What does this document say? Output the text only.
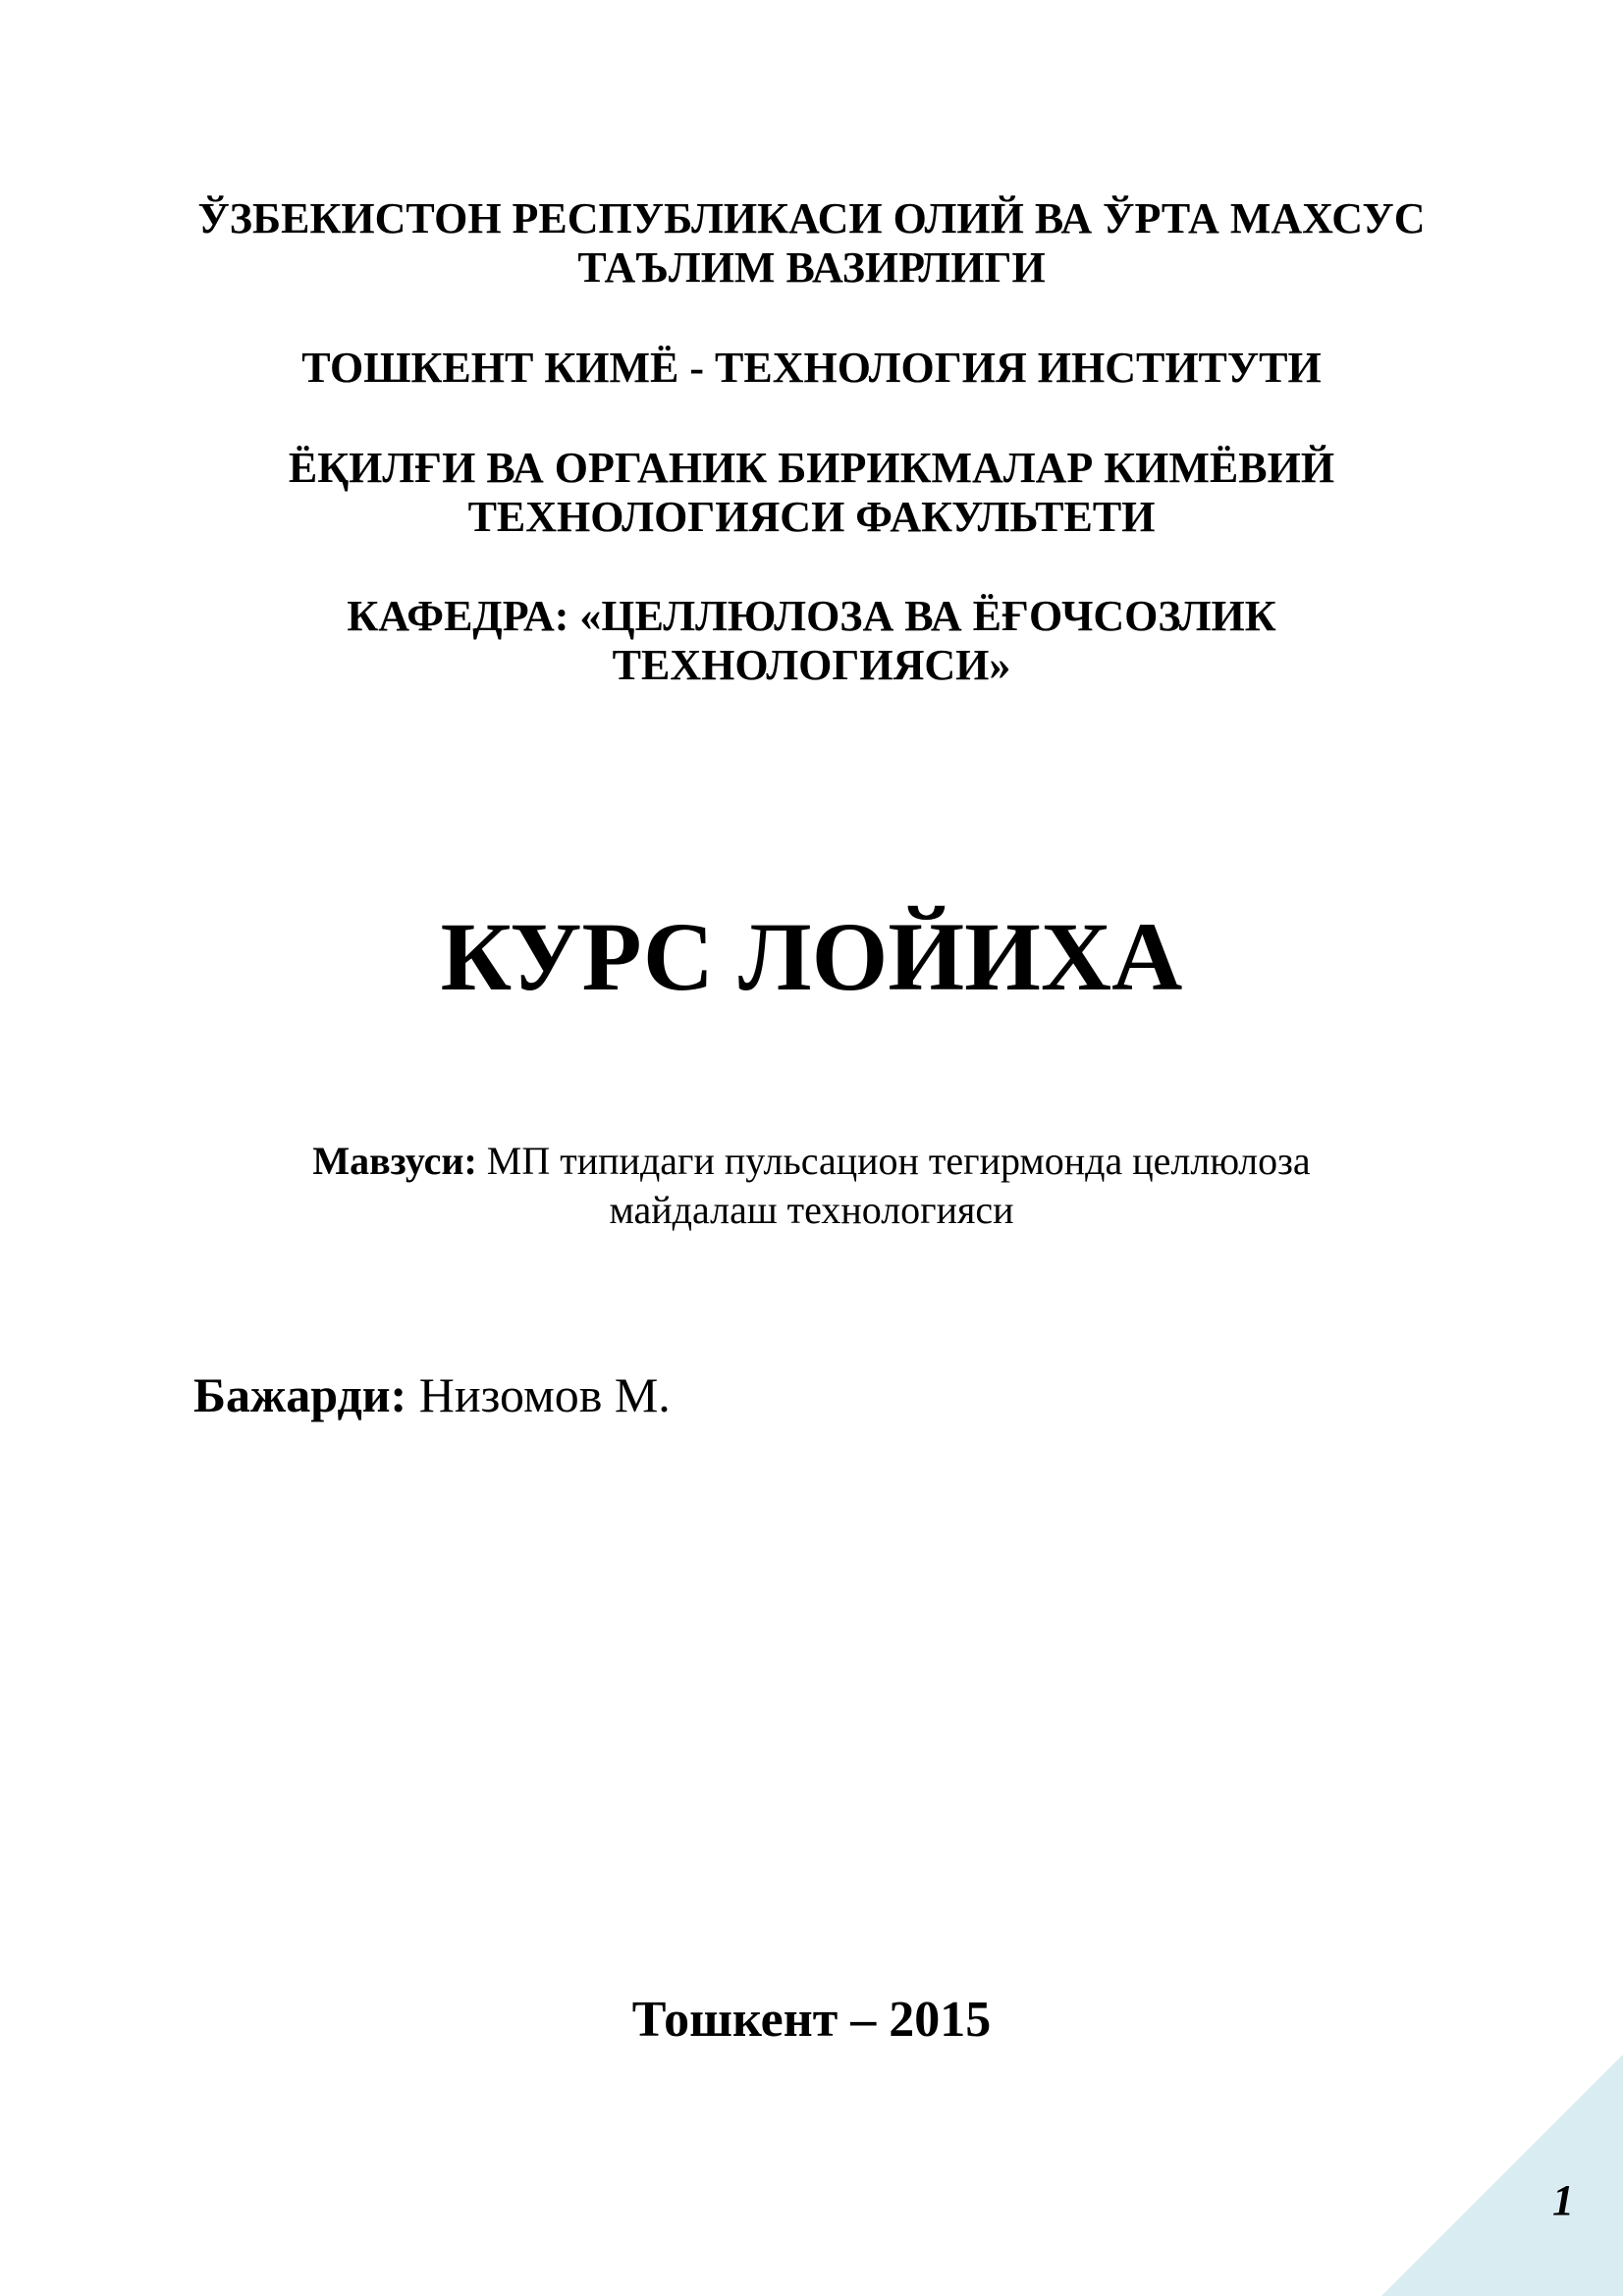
ЎЗБЕКИСТОН РЕСПУБЛИКАСИ ОЛИЙ ВА ЎРТА МАХСУС
ТАЪЛИМ ВАЗИРЛИГИ
ТОШКЕНТ КИМЁ - ТЕХНОЛОГИЯ ИНСТИТУТИ
ЁҚИЛҒИ ВА ОРГАНИК БИРИКМАЛАР КИМЁВИЙ
ТЕХНОЛОГИЯСИ ФАКУЛЬТЕТИ
КАФЕДРА: «ЦЕЛЛЮЛОЗА ВА ЁҒОЧСОЗЛИК
ТЕХНОЛОГИЯСИ»
КУРС ЛОЙИХА
Мавзуси: МП типидаги пульсацион тегирмонда целлюлоза
майдалаш технологияси
Бажарди: Низомов М.
Тошкент – 2015
1
